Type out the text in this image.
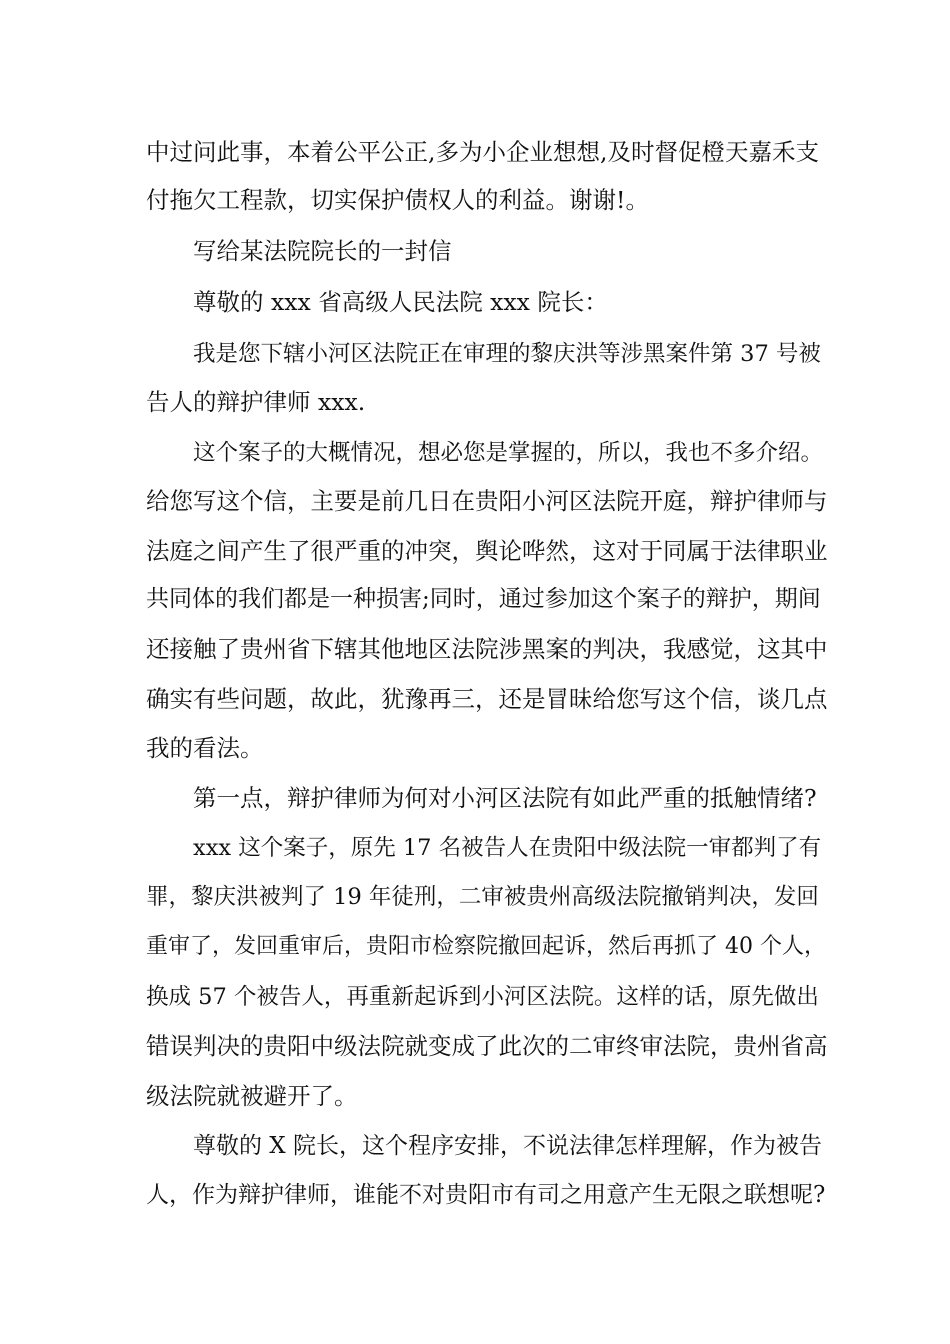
中过问此事，本着公平公正,多为小企业想想,及时督促橙天嘉禾支
付拖欠工程款，切实保护债权人的利益。谢谢!。
写给某法院院长的一封信
尊敬的 xxx 省高级人民法院 xxx 院长：
我是您下辖小河区法院正在审理的黎庆洪等涉黑案件第 37 号被
告人的辩护律师 xxx.
这个案子的大概情况，想必您是掌握的，所以，我也不多介绍。
给您写这个信，主要是前几日在贵阳小河区法院开庭，辩护律师与
法庭之间产生了很严重的冲突，舆论哗然，这对于同属于法律职业
共同体的我们都是一种损害;同时，通过参加这个案子的辩护，期间
还接触了贵州省下辖其他地区法院涉黑案的判决，我感觉，这其中
确实有些问题，故此，犹豫再三，还是冒昧给您写这个信，谈几点
我的看法。
第一点，辩护律师为何对小河区法院有如此严重的抵触情绪?
xxx 这个案子，原先 17 名被告人在贵阳中级法院一审都判了有
罪，黎庆洪被判了 19 年徒刑，二审被贵州高级法院撤销判决，发回
重审了，发回重审后，贵阳市检察院撤回起诉，然后再抓了 40 个人，
换成 57 个被告人，再重新起诉到小河区法院。这样的话，原先做出
错误判决的贵阳中级法院就变成了此次的二审终审法院，贵州省高
级法院就被避开了。
尊敬的 X 院长，这个程序安排，不说法律怎样理解，作为被告
人，作为辩护律师，谁能不对贵阳市有司之用意产生无限之联想呢?
